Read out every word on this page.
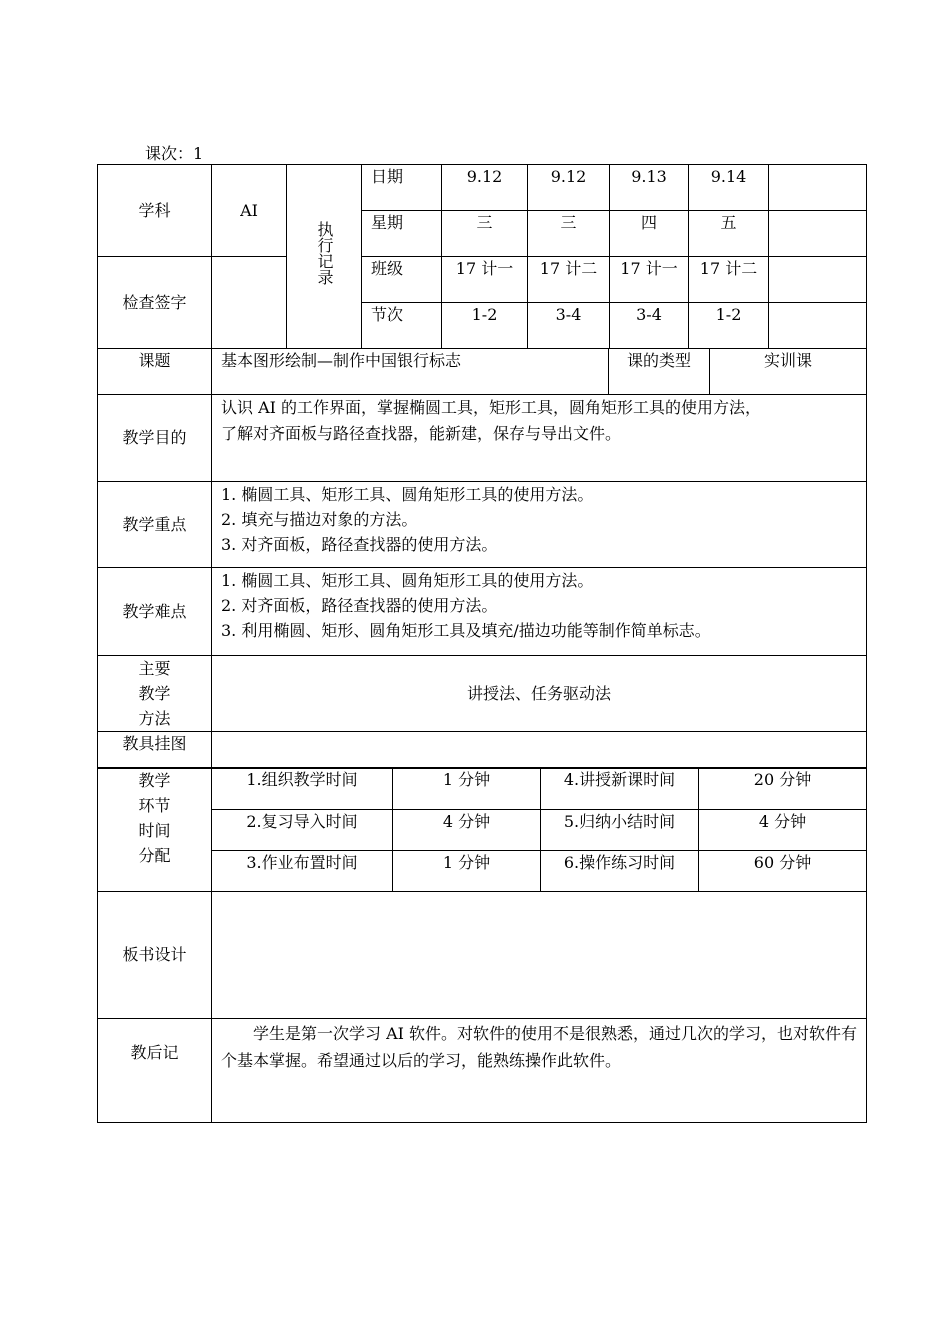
课次：1
学科	AI	执行记录	日期	9.12	9.12	9.13	9.14	
			星期	三	三	四	五	
检查签字			班级	17 计一	17 计二	17 计一	17 计二	
			节次	1-2	3-4	3-4	1-2	
课题	基本图形绘制—制作中国银行标志	课的类型	实训课
教学目的	认识 AI 的工作界面，掌握椭圆工具，矩形工具，圆角矩形工具的使用方法，
了解对齐面板与路径查找器，能新建，保存与导出文件。

教学重点	1. 椭圆工具、矩形工具、圆角矩形工具的使用方法。
2. 填充与描边对象的方法。
3. 对齐面板，路径查找器的使用方法。

教学难点	1. 椭圆工具、矩形工具、圆角矩形工具的使用方法。
2. 对齐面板，路径查找器的使用方法。
3. 利用椭圆、矩形、圆角矩形工具及填充/描边功能等制作简单标志。

主要
教学
方法	讲授法、任务驱动法
教具挂图	
教学
环节
时间
分配	1.组织教学时间	1 分钟	4.讲授新课时间	20 分钟
	2.复习导入时间	4 分钟	5.归纳小结时间	4 分钟
	3.作业布置时间	1 分钟	6.操作练习时间	60 分钟
板书设计	
教后记	学生是第一次学习 AI 软件。对软件的使用不是很熟悉，通过几次的学习，也对软件有个基本掌握。希望通过以后的学习，能熟练操作此软件。
